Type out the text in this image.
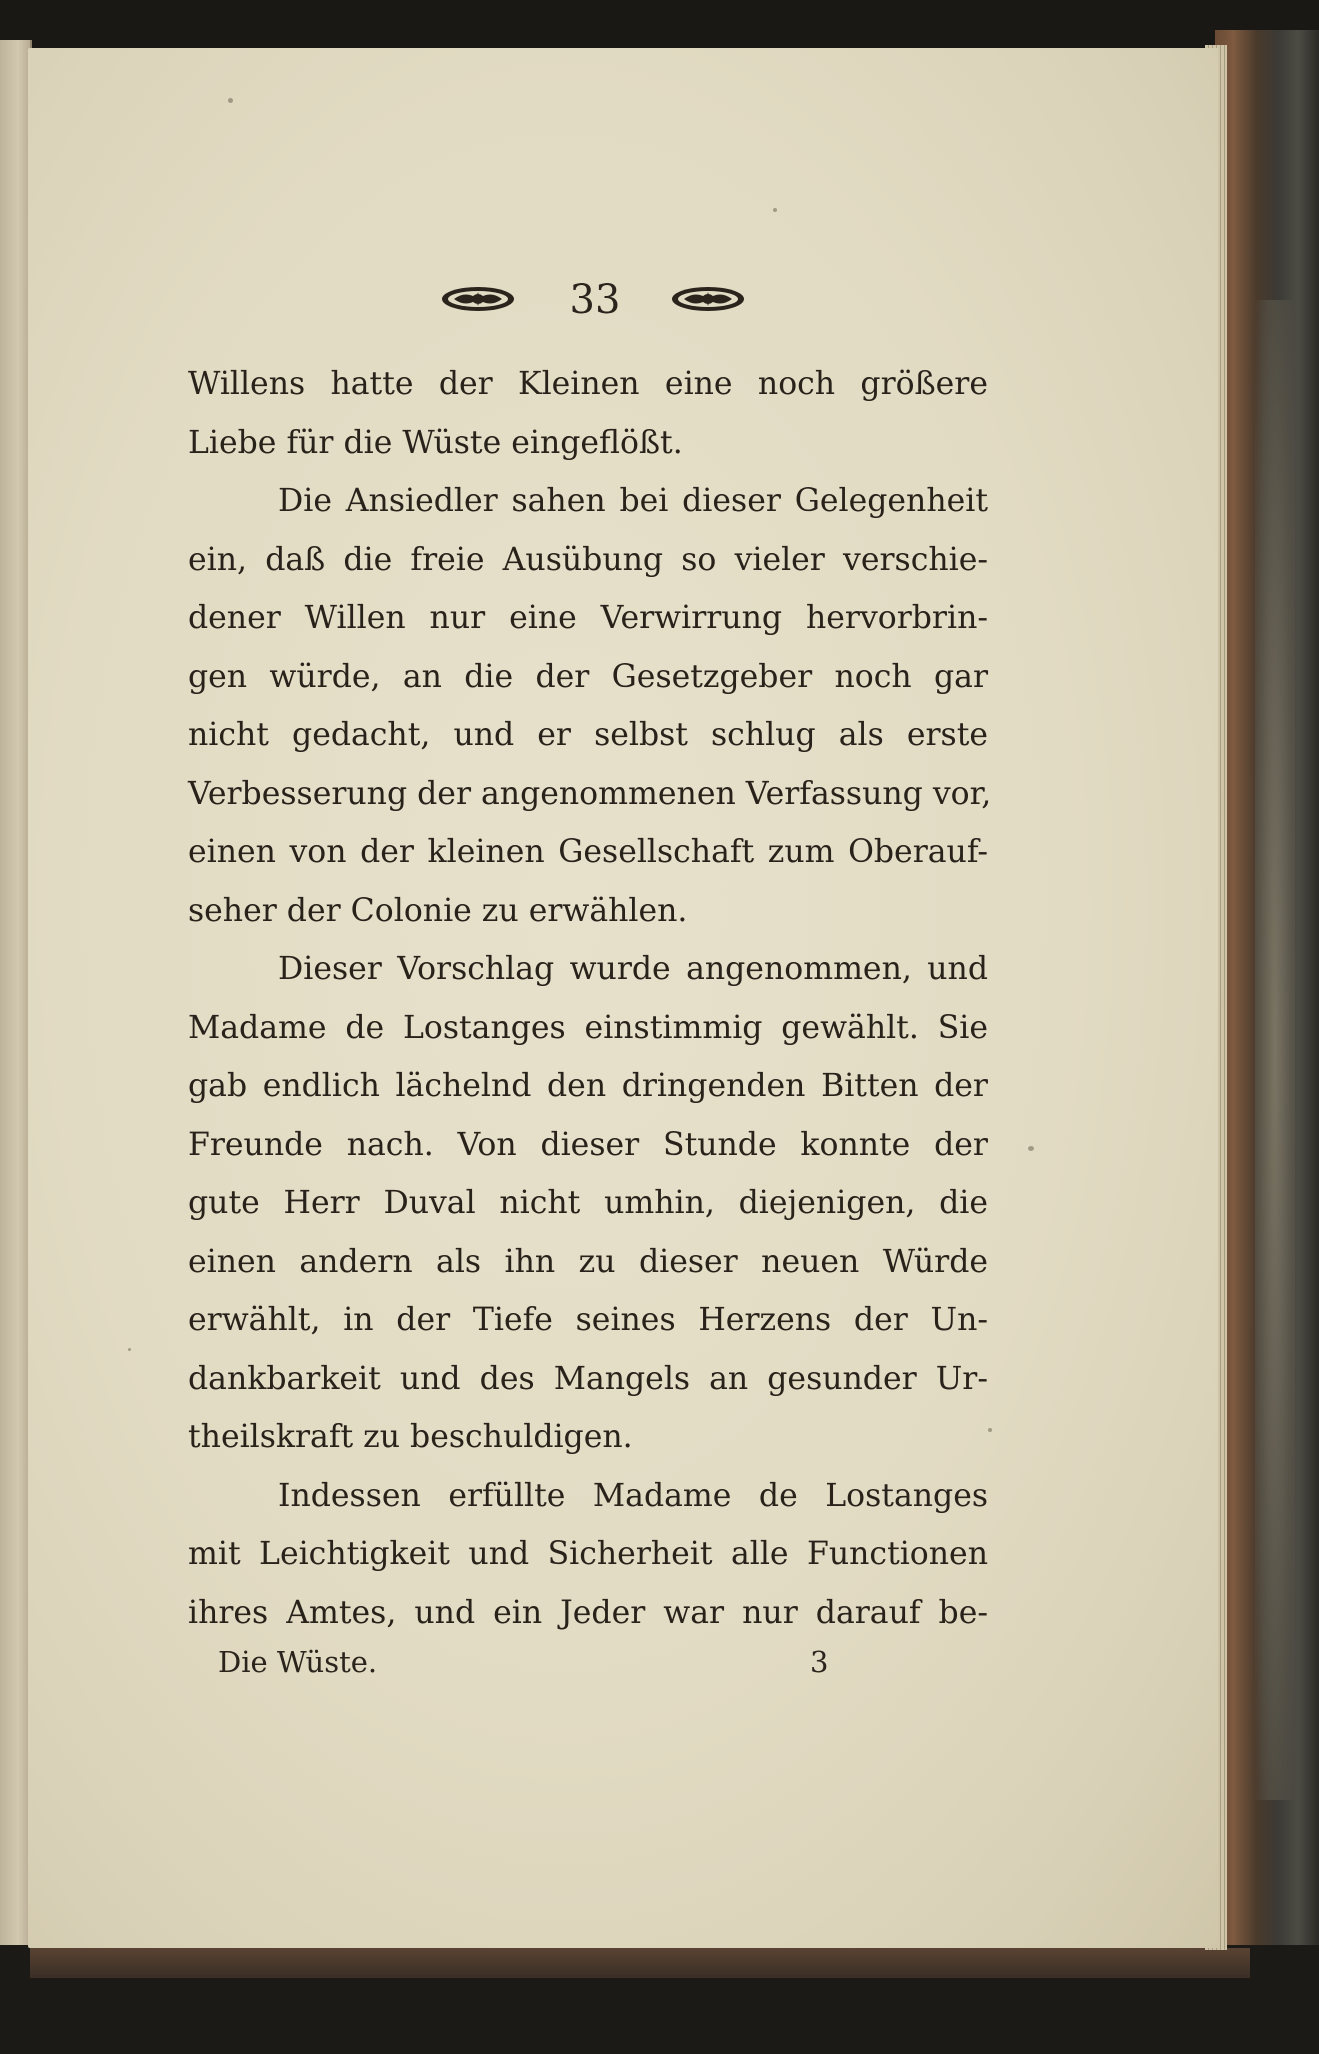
33
Willens hatte der Kleinen eine noch größere
Liebe für die Wüste eingeflößt.
Die Ansiedler sahen bei dieser Gelegenheit
ein, daß die freie Ausübung so vieler verschie-
dener Willen nur eine Verwirrung hervorbrin-
gen würde, an die der Gesetzgeber noch gar
nicht gedacht, und er selbst schlug als erste
Verbesserung der angenommenen Verfassung vor,
einen von der kleinen Gesellschaft zum Oberauf-
seher der Colonie zu erwählen.
Dieser Vorschlag wurde angenommen, und
Madame de Lostanges einstimmig gewählt. Sie
gab endlich lächelnd den dringenden Bitten der
Freunde nach. Von dieser Stunde konnte der
gute Herr Duval nicht umhin, diejenigen, die
einen andern als ihn zu dieser neuen Würde
erwählt, in der Tiefe seines Herzens der Un-
dankbarkeit und des Mangels an gesunder Ur-
theilskraft zu beschuldigen.
Indessen erfüllte Madame de Lostanges
mit Leichtigkeit und Sicherheit alle Functionen
ihres Amtes, und ein Jeder war nur darauf be-
Die Wüste.	3
